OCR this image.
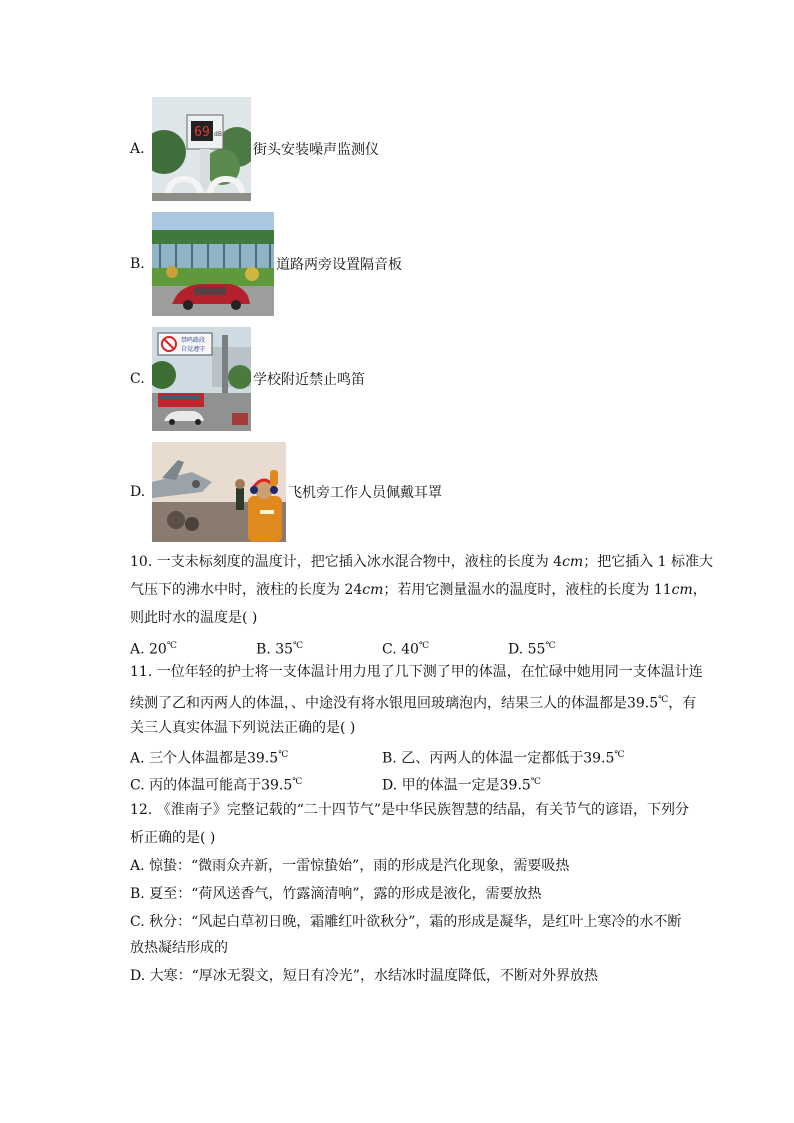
A.
69 dB
街头安装噪声监测仪
B.	道路两旁设置隔音板
C.
禁鸣路段
自觉遵守
学校附近禁止鸣笛
D.	飞机旁工作人员佩戴耳罩
10. 一支未标刻度的温度计，把它插入冰水混合物中，液柱的长度为 4cm；把它插入 1 标准大
气压下的沸水中时，液柱的长度为 24cm；若用它测量温水的温度时，液柱的长度为 11cm，
则此时水的温度是( )
A. 20℃	B. 35℃	C. 40℃	D. 55℃
11. 一位年轻的护士将一支体温计用力甩了几下测了甲的体温，在忙碌中她用同一支体温计连
续测了乙和丙两人的体温，、中途没有将水银甩回玻璃泡内，结果三人的体温都是39.5℃，有
关三人真实体温下列说法正确的是( )
A. 三个人体温都是39.5℃	B. 乙、丙两人的体温一定都低于39.5℃
C. 丙的体温可能高于39.5℃	D. 甲的体温一定是39.5℃
12. 《淮南子》完整记载的“二十四节气”是中华民族智慧的结晶，有关节气的谚语，下列分
析正确的是( )
A. 惊蛰：“微雨众卉新，一雷惊蛰始”，雨的形成是汽化现象，需要吸热
B. 夏至：“荷风送香气，竹露滴清响”，露的形成是液化，需要放热
C. 秋分：“风起白草初日晚，霜雕红叶欲秋分”，霜的形成是凝华，是红叶上寒冷的水不断
放热凝结形成的
D. 大寒：“厚冰无裂文，短日有冷光”，水结冰时温度降低，不断对外界放热
